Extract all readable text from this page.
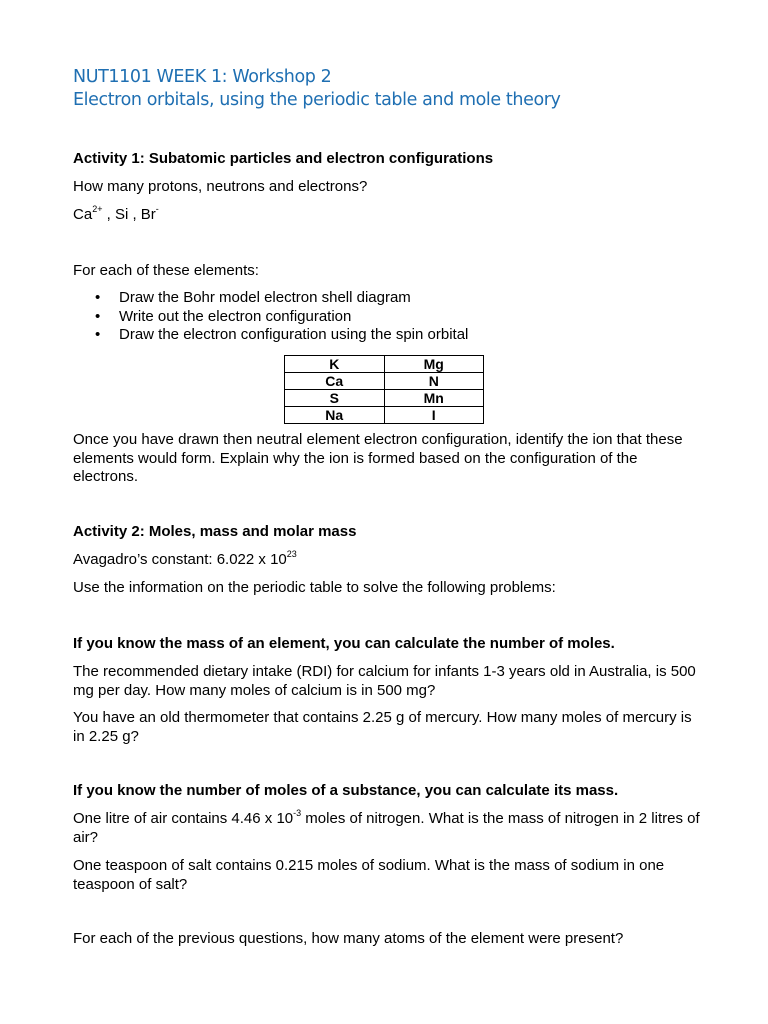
NUT1101 WEEK 1: Workshop 2

Electron orbitals, using the periodic table and mole theory

Activity 1: Subatomic particles and electron configurations

How many protons, neutrons and electrons?

$Ca^{2+}$ , Si , Br-

For each of these elements:

• Draw the Bohr model electron shell diagram
• Write out the electron configuration
• Draw the electron configuration using the spin orbital
K	Mg
Ca	N
S	Mn
Na	I

Once you have drawn then neutral element electron configuration, identify the ion that these elements would form. Explain why the ion is formed based on the configuration of the electrons.

Activity 2: Moles, mass and molar mass

Avagadro’s constant: 6.022 x $10^{23}$

Use the information on the periodic table to solve the following problems:

If you know the mass of an element, you can calculate the number of moles.

The recommended dietary intake (RDI) for calcium for infants 1-3 years old in Australia, is 500 mg per day. How many moles of calcium is in 500 mg?

You have an old thermometer that contains 2.25 g of mercury. How many moles of mercury is in 2.25 g?

If you know the number of moles of a substance, you can calculate its mass.

One litre of air contains 4.46 x $10^{-3}$ moles of nitrogen. What is the mass of nitrogen in 2 litres of air?

One teaspoon of salt contains 0.215 moles of sodium. What is the mass of sodium in one teaspoon of salt?

For each of the previous questions, how many atoms of the element were present?
